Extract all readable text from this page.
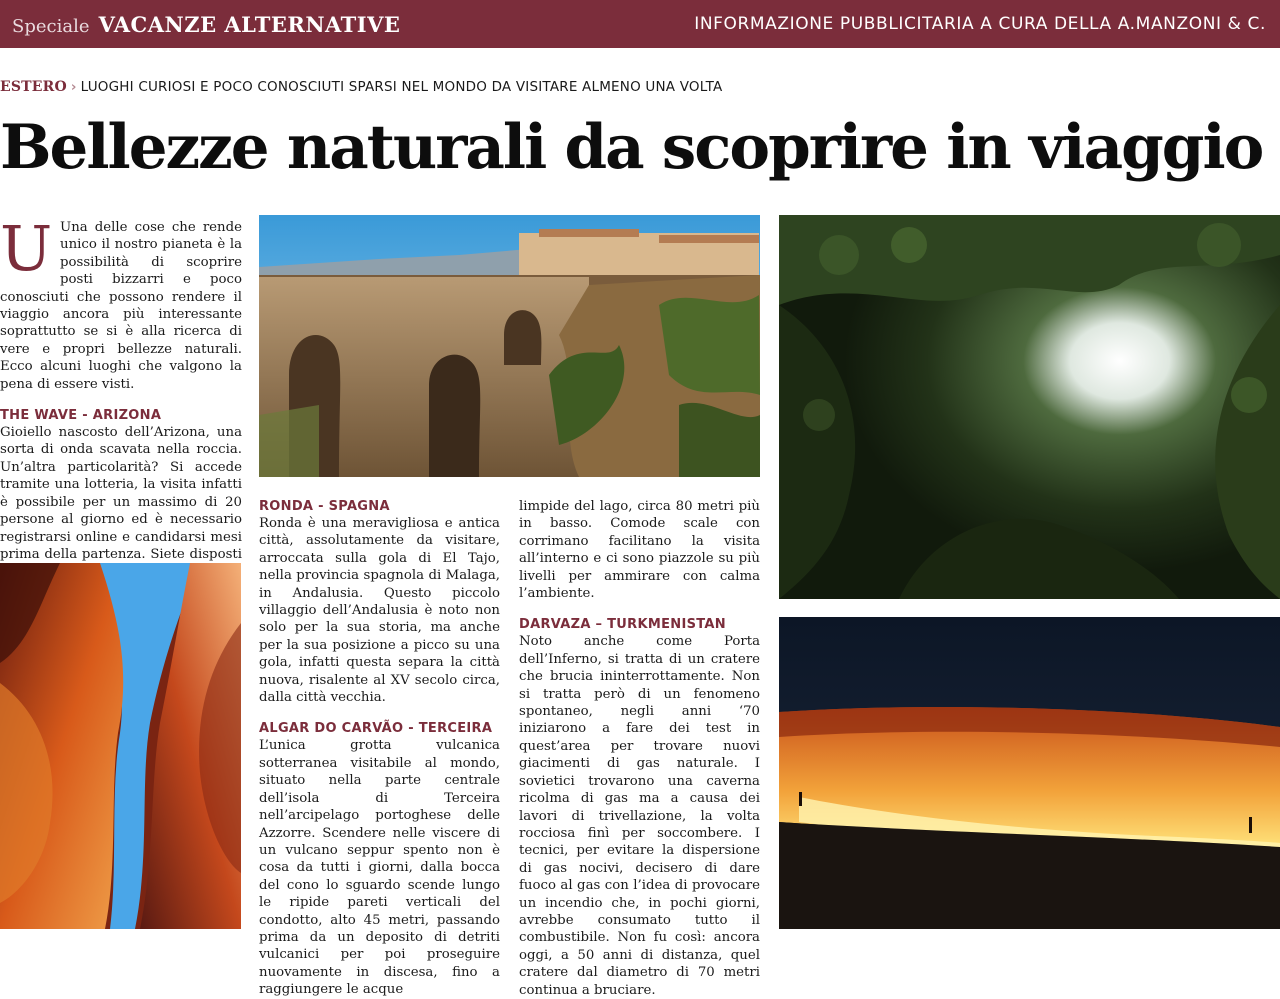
Speciale VACANZE ALTERNATIVE	INFORMAZIONE PUBBLICITARIA A CURA DELLA A.MANZONI & C.
ESTERO › LUOGHI CURIOSI E POCO CONOSCIUTI SPARSI NEL MONDO DA VISITARE ALMENO UNA VOLTA
Bellezze naturali da scoprire in viaggio
U Una delle cose che rende unico il nostro pianeta è la possibilità di scoprire posti bizzarri e poco conosciuti che possono rendere il viaggio ancora più interessante soprattutto se si è alla ricerca di vere e propri bellezze naturali. Ecco alcuni luoghi che valgono la pena di essere visti.

THE WAVE - ARIZONA

Gioiello nascosto dell’Arizona, una sorta di onda scavata nella roccia. Un’altra particolarità? Si accede tramite una lotteria, la visita infatti è possibile per un massimo di 20 persone al giorno ed è necessario registrarsi online e candidarsi mesi prima della partenza. Siete disposti

RONDA - SPAGNA

Ronda è una meravigliosa e antica città, assolutamente da visitare, arroccata sulla gola di El Tajo, nella provincia spagnola di Malaga, in Andalusia. Questo piccolo villaggio dell’Andalusia è noto non solo per la sua storia, ma anche per la sua posizione a picco su una gola, infatti questa separa la città nuova, risalente al XV secolo circa, dalla città vecchia.

ALGAR DO CARVÃO - TERCEIRA

L’unica grotta vulcanica sotterranea visitabile al mondo, situato nella parte centrale dell’isola di Terceira nell’arcipelago portoghese delle Azzorre. Scendere nelle viscere di un vulcano seppur spento non è cosa da tutti i giorni, dalla bocca del cono lo sguardo scende lungo le ripide pareti verticali del condotto, alto 45 metri, passando prima da un deposito di detriti vulcanici per poi proseguire nuovamente in discesa, fino a raggiungere le acque

limpide del lago, circa 80 metri più in basso. Comode scale con corrimano facilitano la visita all’interno e ci sono piazzole su più livelli per ammirare con calma l’ambiente.

DARVAZA – TURKMENISTAN

Noto anche come Porta dell’Inferno, si tratta di un cratere che brucia ininterrottamente. Non si tratta però di un fenomeno spontaneo, negli anni ‘70 iniziarono a fare dei test in quest’area per trovare nuovi giacimenti di gas naturale. I sovietici trovarono una caverna ricolma di gas ma a causa dei lavori di trivellazione, la volta rocciosa finì per soccombere. I tecnici, per evitare la dispersione di gas nocivi, decisero di dare fuoco al gas con l’idea di provocare un incendio che, in pochi giorni, avrebbe consumato tutto il combustibile. Non fu così: ancora oggi, a 50 anni di distanza, quel cratere dal diametro di 70 metri continua a bruciare.
